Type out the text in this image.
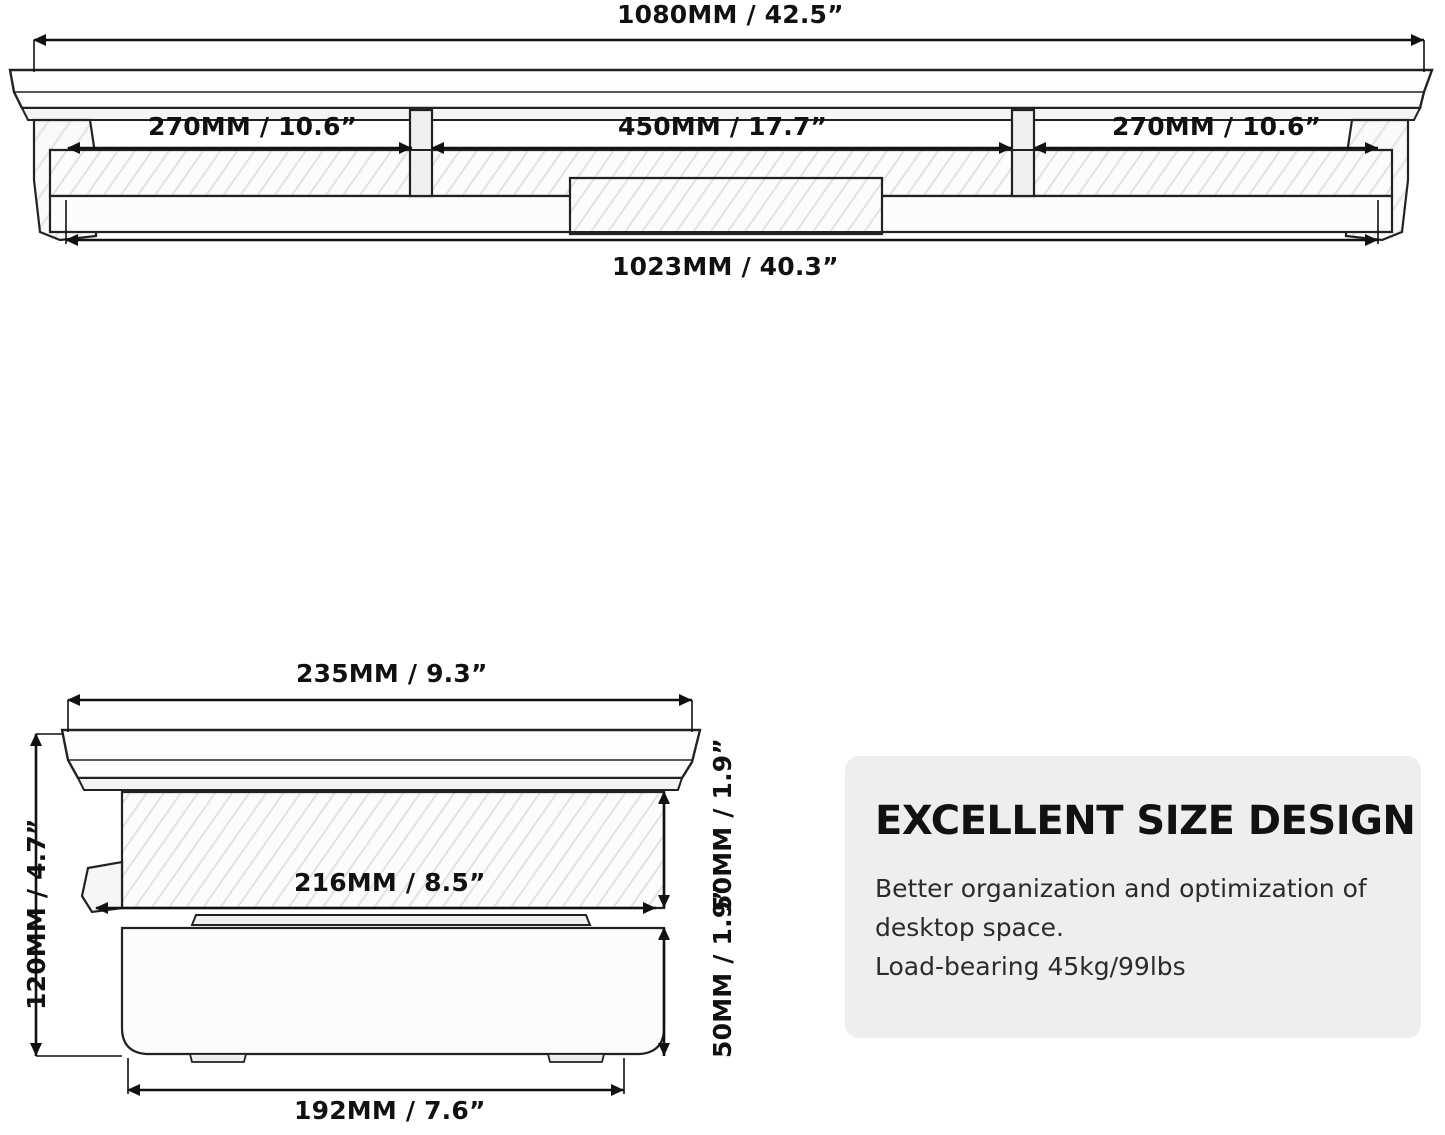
1080MM / 42.5”
270MM / 10.6”	450MM / 17.7”	270MM / 10.6”
1023MM / 40.3”
235MM / 9.3”
216MM / 8.5”
192MM / 7.6”
120MM / 4.7”	50MM / 1.9”
50MM / 1.9”
EXCELLENT SIZE DESIGN

Better organization and optimization of

desktop space.

Load-bearing 45kg/99lbs
